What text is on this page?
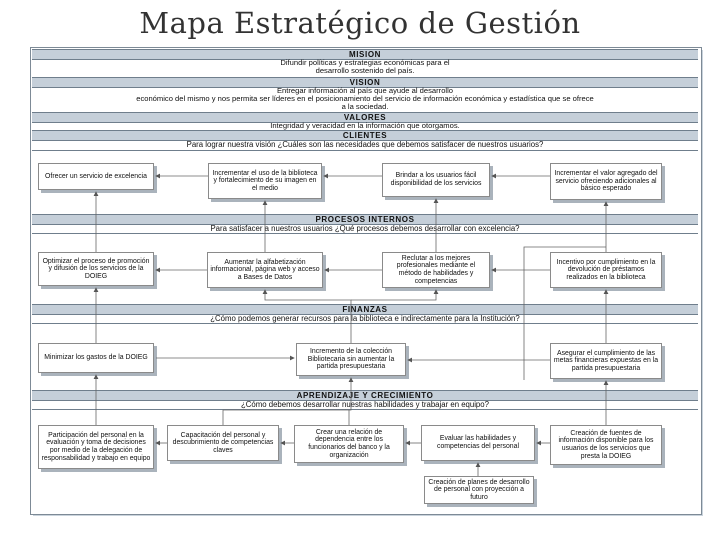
Mapa Estratégico de Gestión
MISION
Difundir políticas y estrategias económicas para el
desarrollo sostenido del país.
VISION
Entregar información al país que ayude al desarrollo
económico del mismo y nos permita ser líderes en el posicionamiento del servicio de información económica y estadística que se ofrece
a la sociedad.
VALORES
Integridad y veracidad en la información que otorgamos.
CLIENTES
Para lograr nuestra visión ¿Cuáles son las necesidades que debemos satisfacer de nuestros usuarios?
Ofrecer un servicio de excelencia	Incrementar el uso de la biblioteca y fortalecimiento de su imagen en el medio
Brindar a los usuarios fácil disponibilidad de los servicios
Incrementar el valor agregado del servicio ofreciendo adicionales al básico esperado
PROCESOS INTERNOS
Para satisfacer a nuestros usuarios ¿Qué procesos debemos desarrollar con excelencia?
Optimizar el proceso de promoción y difusión de los servicios de la DOIEG
Aumentar la alfabetización informacional, página web y acceso a Bases de Datos
Reclutar a los mejores profesionales mediante el método de habilidades y competencias
Incentivo por cumplimiento en la devolución de préstamos realizados en la biblioteca
FINANZAS
¿Cómo podemos generar recursos para la biblioteca e indirectamente para la Institución?
Minimizar los gastos de la DOIEG
Incremento de la colección Bibliotecaria sin aumentar la partida presupuestaria
Asegurar el cumplimiento de las metas financieras expuestas en la partida presupuestaria
APRENDIZAJE Y CRECIMIENTO
¿Cómo debemos desarrollar nuestras habilidades y trabajar en equipo?
Participación del personal en la evaluación y toma de decisiones por medio de la delegación de responsabilidad y trabajo en equipo
Capacitación del personal y descubrimiento de competencias claves
Crear una relación de dependencia entre los funcionarios del banco y la organización
Evaluar las habilidades y competencias del personal
Creación de fuentes de información disponible para los usuarios de los servicios que presta la DOIEG
Creación de planes de desarrollo de personal con proyección a futuro
